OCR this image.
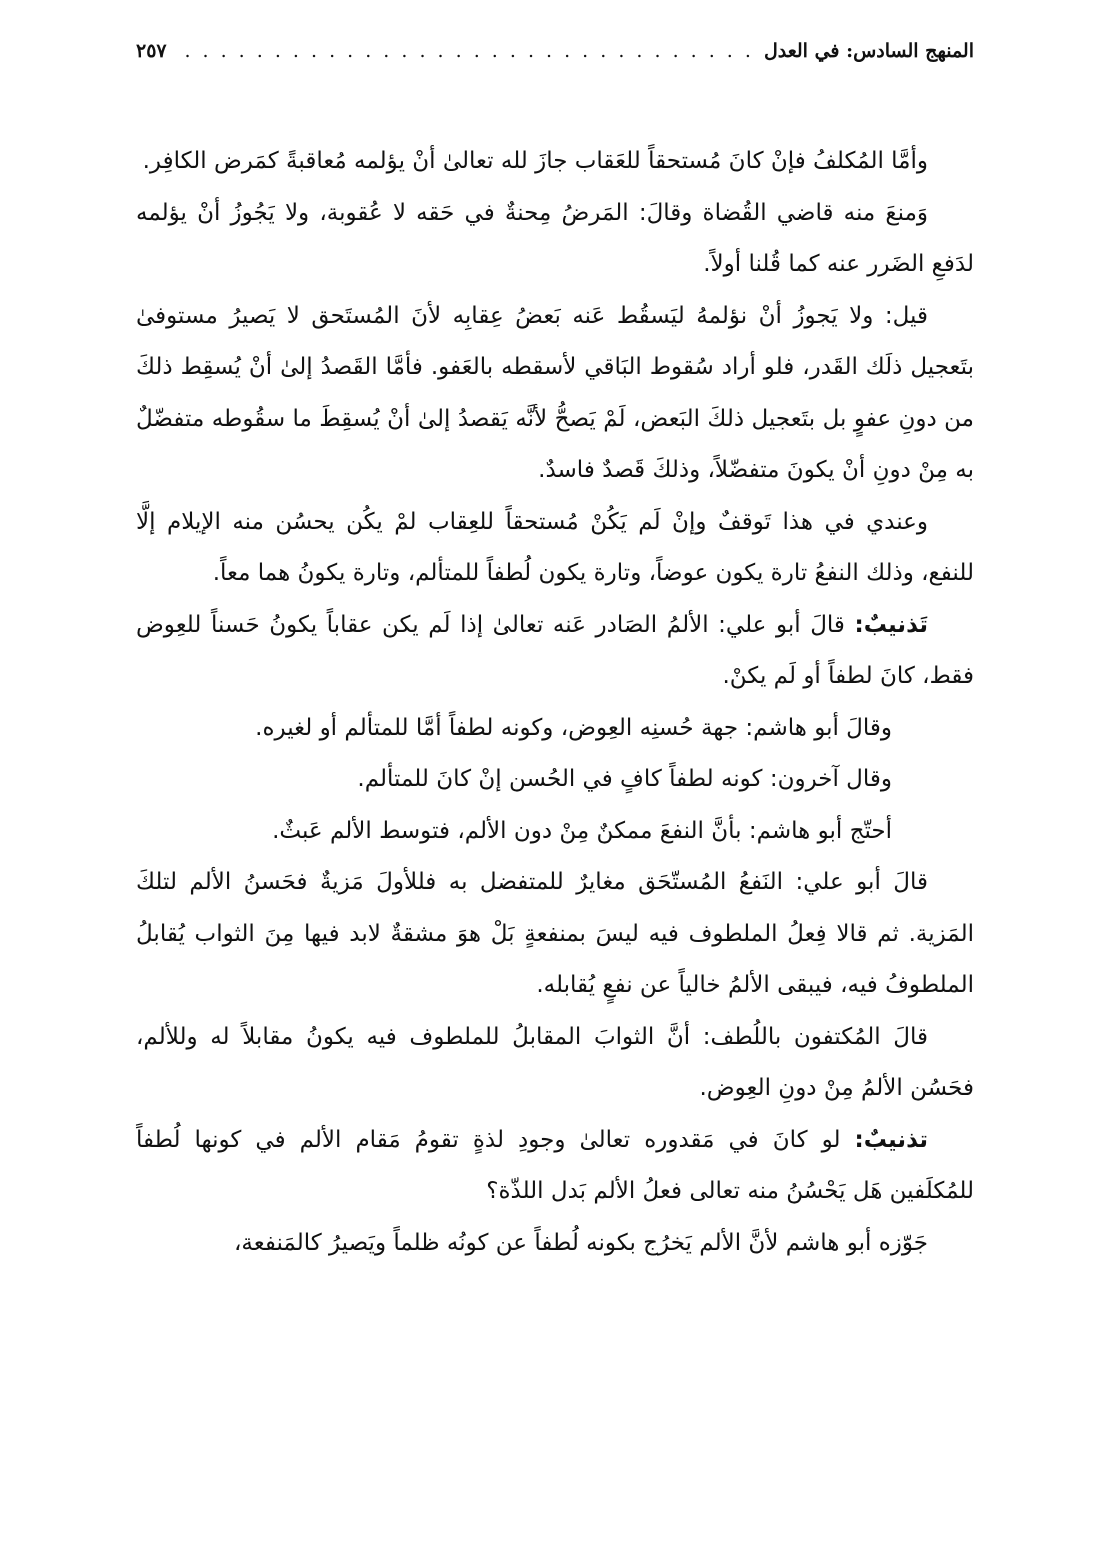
المنهج السادس: في العدل
. . .
٢٥٧

وأمَّا المُكلفُ فإنْ كانَ مُستحقاً للعَقاب جازَ لله تعالىٰ أنْ يؤلمه مُعاقبةً كمَرض الكافِر.

وَمنعَ منه قاضي القُضاة وقالَ: المَرضُ مِحنةٌ في حَقه لا عُقوبة، ولا يَجُوزُ أنْ يؤلمه لدَفعِ الضَرر عنه كما قُلنا أولاً.

قيل: ولا يَجوزُ أنْ نؤلمهُ ليَسقُط عَنه بَعضُ عِقابِه لأنَ المُستَحق لا يَصيرُ مستوفىٰ بتَعجيل ذلَك القَدر، فلو أراد سُقوط البَاقي لأسقطه بالعَفو. فأمَّا القَصدُ إلىٰ أنْ يُسقِط ذلكَ من دونِ عفوٍ بل بتَعجيل ذلكَ البَعض، لَمْ يَصحُّ لأنَّه يَقصدُ إلىٰ أنْ يُسقِطَ ما سقُوطه متفضّلٌ به مِنْ دونِ أنْ يكونَ متفضّلاً، وذلكَ قَصدٌ فاسدٌ.

وعندي في هذا تَوقفٌ وإنْ لَم يَكُنْ مُستحقاً للعِقاب لمْ يكُن يحسُن منه الإيلام إلَّا للنفع، وذلك النفعُ تارة يكون عوضاً، وتارة يكون لُطفاً للمتألم، وتارة يكونُ هما معاً.

تَذنيبٌ: قالَ أبو علي: الألمُ الصَادر عَنه تعالىٰ إذا لَم يكن عقاباً يكونُ حَسناً للعِوض فقط، كانَ لطفاً أو لَم يكنْ.

وقالَ أبو هاشم: جهة حُسنِه العِوض، وكونه لطفاً أمَّا للمتألم أو لغيره.

وقال آخرون: كونه لطفاً كافٍ في الحُسن إنْ كانَ للمتألم.

أحتّج أبو هاشم: بأنَّ النفعَ ممكنٌ مِنْ دون الألم، فتوسط الألم عَبثٌ.

قالَ أبو علي: النَفعُ المُستّحَق مغايرٌ للمتفضل به فللأولَ مَزيةٌ فحَسنُ الألم لتلكَ المَزية. ثم قالا فِعلُ الملطوف فيه ليسَ بمنفعةٍ بَلْ هوَ مشقةٌ لابد فيها مِنَ الثواب يُقابلُ الملطوفُ فيه، فيبقى الألمُ خالياً عن نفعٍ يُقابله.

قالَ المُكتفون باللُطف: أنَّ الثوابَ المقابلُ للملطوف فيه يكونُ مقابلاً له وللألم، فحَسُن الألمُ مِنْ دونِ العِوض.

تذنيبٌ: لو كانَ في مَقدوره تعالىٰ وجودِ لذةٍ تقومُ مَقام الألم في كونها لُطفاً للمُكلَفين هَل يَحْسُنُ منه تعالى فعلُ الألم بَدل اللذّة؟

جَوّزه أبو هاشم لأنَّ الألم يَخرُج بكونه لُطفاً عن كونُه ظلماً ويَصيرُ كالمَنفعة،
